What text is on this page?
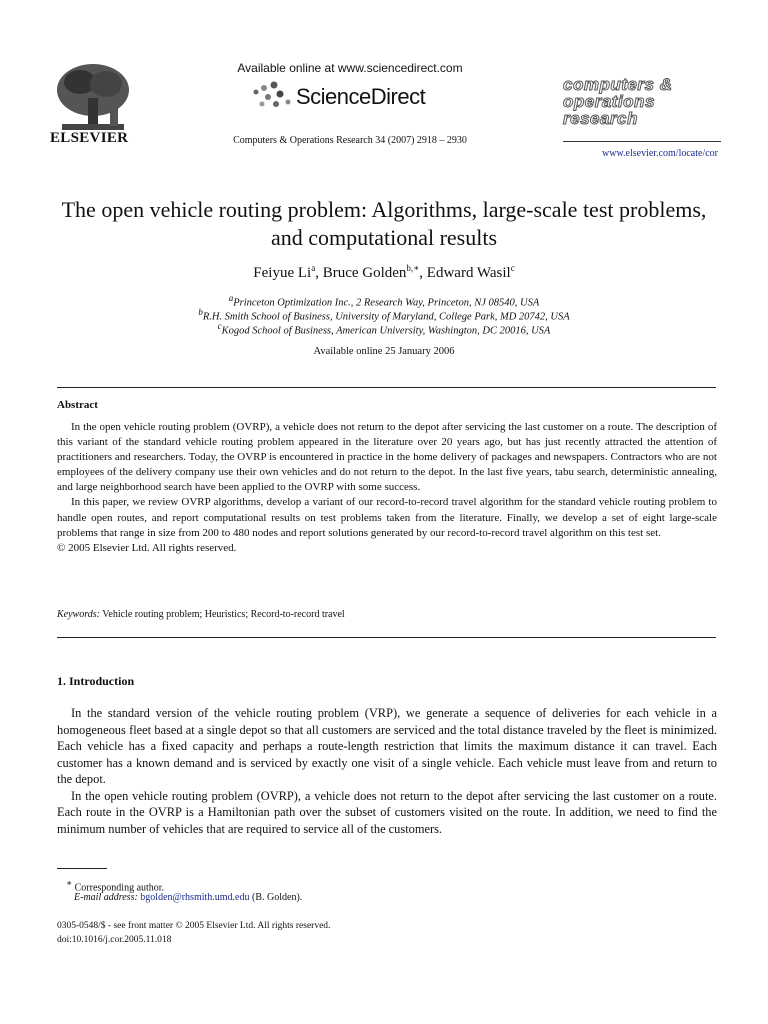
ELSEVIER
Available online at www.sciencedirect.com
ScienceDirect
Computers & Operations Research 34 (2007) 2918 – 2930
computers &
operations
research
www.elsevier.com/locate/cor
The open vehicle routing problem: Algorithms, large-scale test problems, and computational results
Feiyue Li$^a$, Bruce Golden$^{b,∗}$, Edward Wasil$^c$
$^a$Princeton Optimization Inc., 2 Research Way, Princeton, NJ 08540, USA
$^b$R.H. Smith School of Business, University of Maryland, College Park, MD 20742, USA
$^c$Kogod School of Business, American University, Washington, DC 20016, USA
Available online 25 January 2006
Abstract

In the open vehicle routing problem (OVRP), a vehicle does not return to the depot after servicing the last customer on a route. The description of this variant of the standard vehicle routing problem appeared in the literature over 20 years ago, but has just recently attracted the attention of practitioners and researchers. Today, the OVRP is encountered in practice in the home delivery of packages and newspapers. Contractors who are not employees of the delivery company use their own vehicles and do not return to the depot. In the last five years, tabu search, deterministic annealing, and large neighborhood search have been applied to the OVRP with some success.

In this paper, we review OVRP algorithms, develop a variant of our record-to-record travel algorithm for the standard vehicle routing problem to handle open routes, and report computational results on test problems taken from the literature. Finally, we develop a set of eight large-scale problems that range in size from 200 to 480 nodes and report solutions generated by our record-to-record travel algorithm on this test set.

© 2005 Elsevier Ltd. All rights reserved.

Keywords: Vehicle routing problem; Heuristics; Record-to-record travel
1. Introduction

In the standard version of the vehicle routing problem (VRP), we generate a sequence of deliveries for each vehicle in a homogeneous fleet based at a single depot so that all customers are serviced and the total distance traveled by the fleet is minimized. Each vehicle has a fixed capacity and perhaps a route-length restriction that limits the maximum distance it can travel. Each customer has a known demand and is serviced by exactly one visit of a single vehicle. Each vehicle must leave from and return to the depot.

In the open vehicle routing problem (OVRP), a vehicle does not return to the depot after servicing the last customer on a route. Each route in the OVRP is a Hamiltonian path over the subset of customers visited on the route. In addition, we need to find the minimum number of vehicles that are required to service all of the customers.

∗ Corresponding author.
E-mail address: bgolden@rhsmith.umd.edu (B. Golden).
0305-0548/$ - see front matter © 2005 Elsevier Ltd. All rights reserved.
doi:10.1016/j.cor.2005.11.018
